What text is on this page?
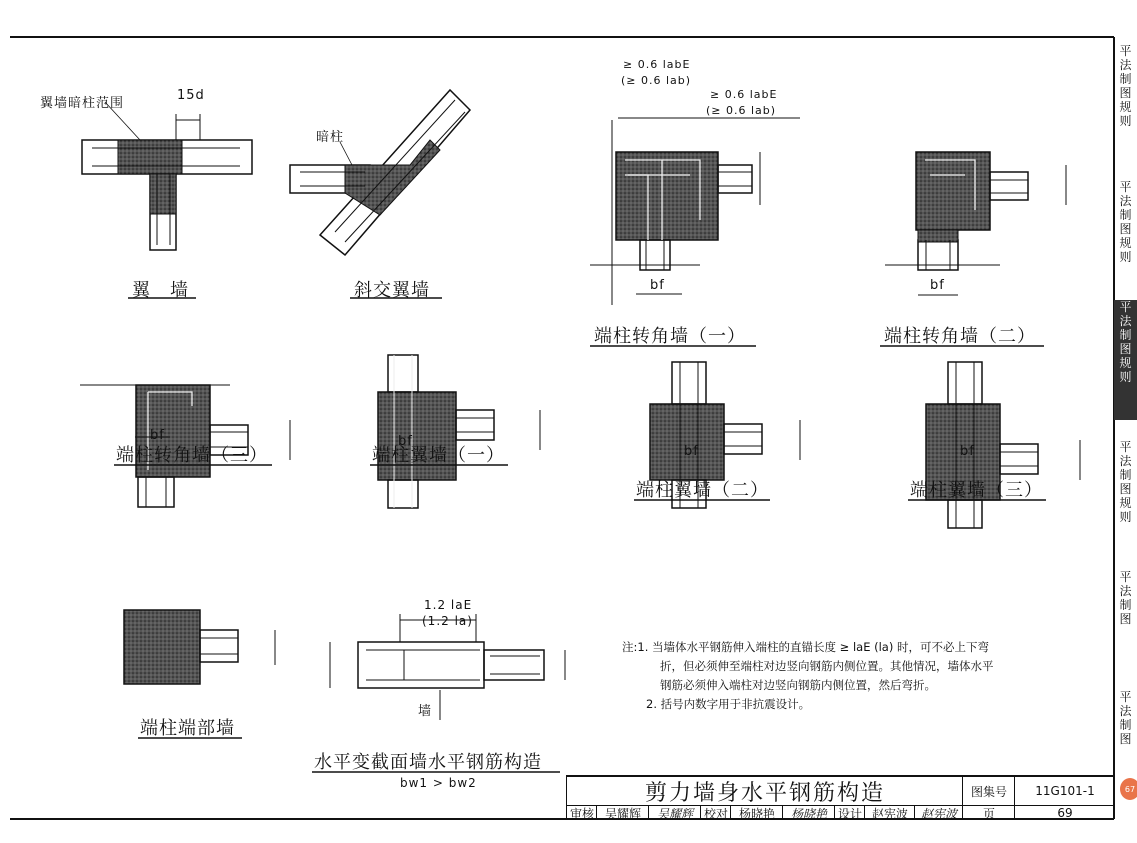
翼墙暗柱范围
15d
暗柱
≥ 0.6 labE
(≥ 0.6 lab)
≥ 0.6 labE
(≥ 0.6 lab)
bf	bf
bf	bf
bf	bf
1.2 laE
(1.2 la)
墙
翼　墙	斜交翼墙
端柱转角墙（一）	端柱转角墙（二）
端柱转角墙（三）	端柱翼墙（一）
端柱翼墙（二）	端柱翼墙（三）
端柱端部墙
水平变截面墙水平钢筋构造
bw1 > bw2
注:1. 当墙体水平钢筋伸入端柱的直锚长度 ≥ laE (la) 时，可不必上下弯
折，但必须伸至端柱对边竖向钢筋内侧位置。其他情况，墙体水平
钢筋必须伸入端柱对边竖向钢筋内侧位置，然后弯折。
2. 括号内数字用于非抗震设计。
剪力墙身水平钢筋构造	图集号	11G101-1
审核 吴耀辉	吴耀辉 校对 杨晓艳	杨晓艳 设计 赵宪波	赵宪波	页	69
平法制图规则
平法制图规则
平法制图规则
平法制图规则
平法制图
平法制图
67
